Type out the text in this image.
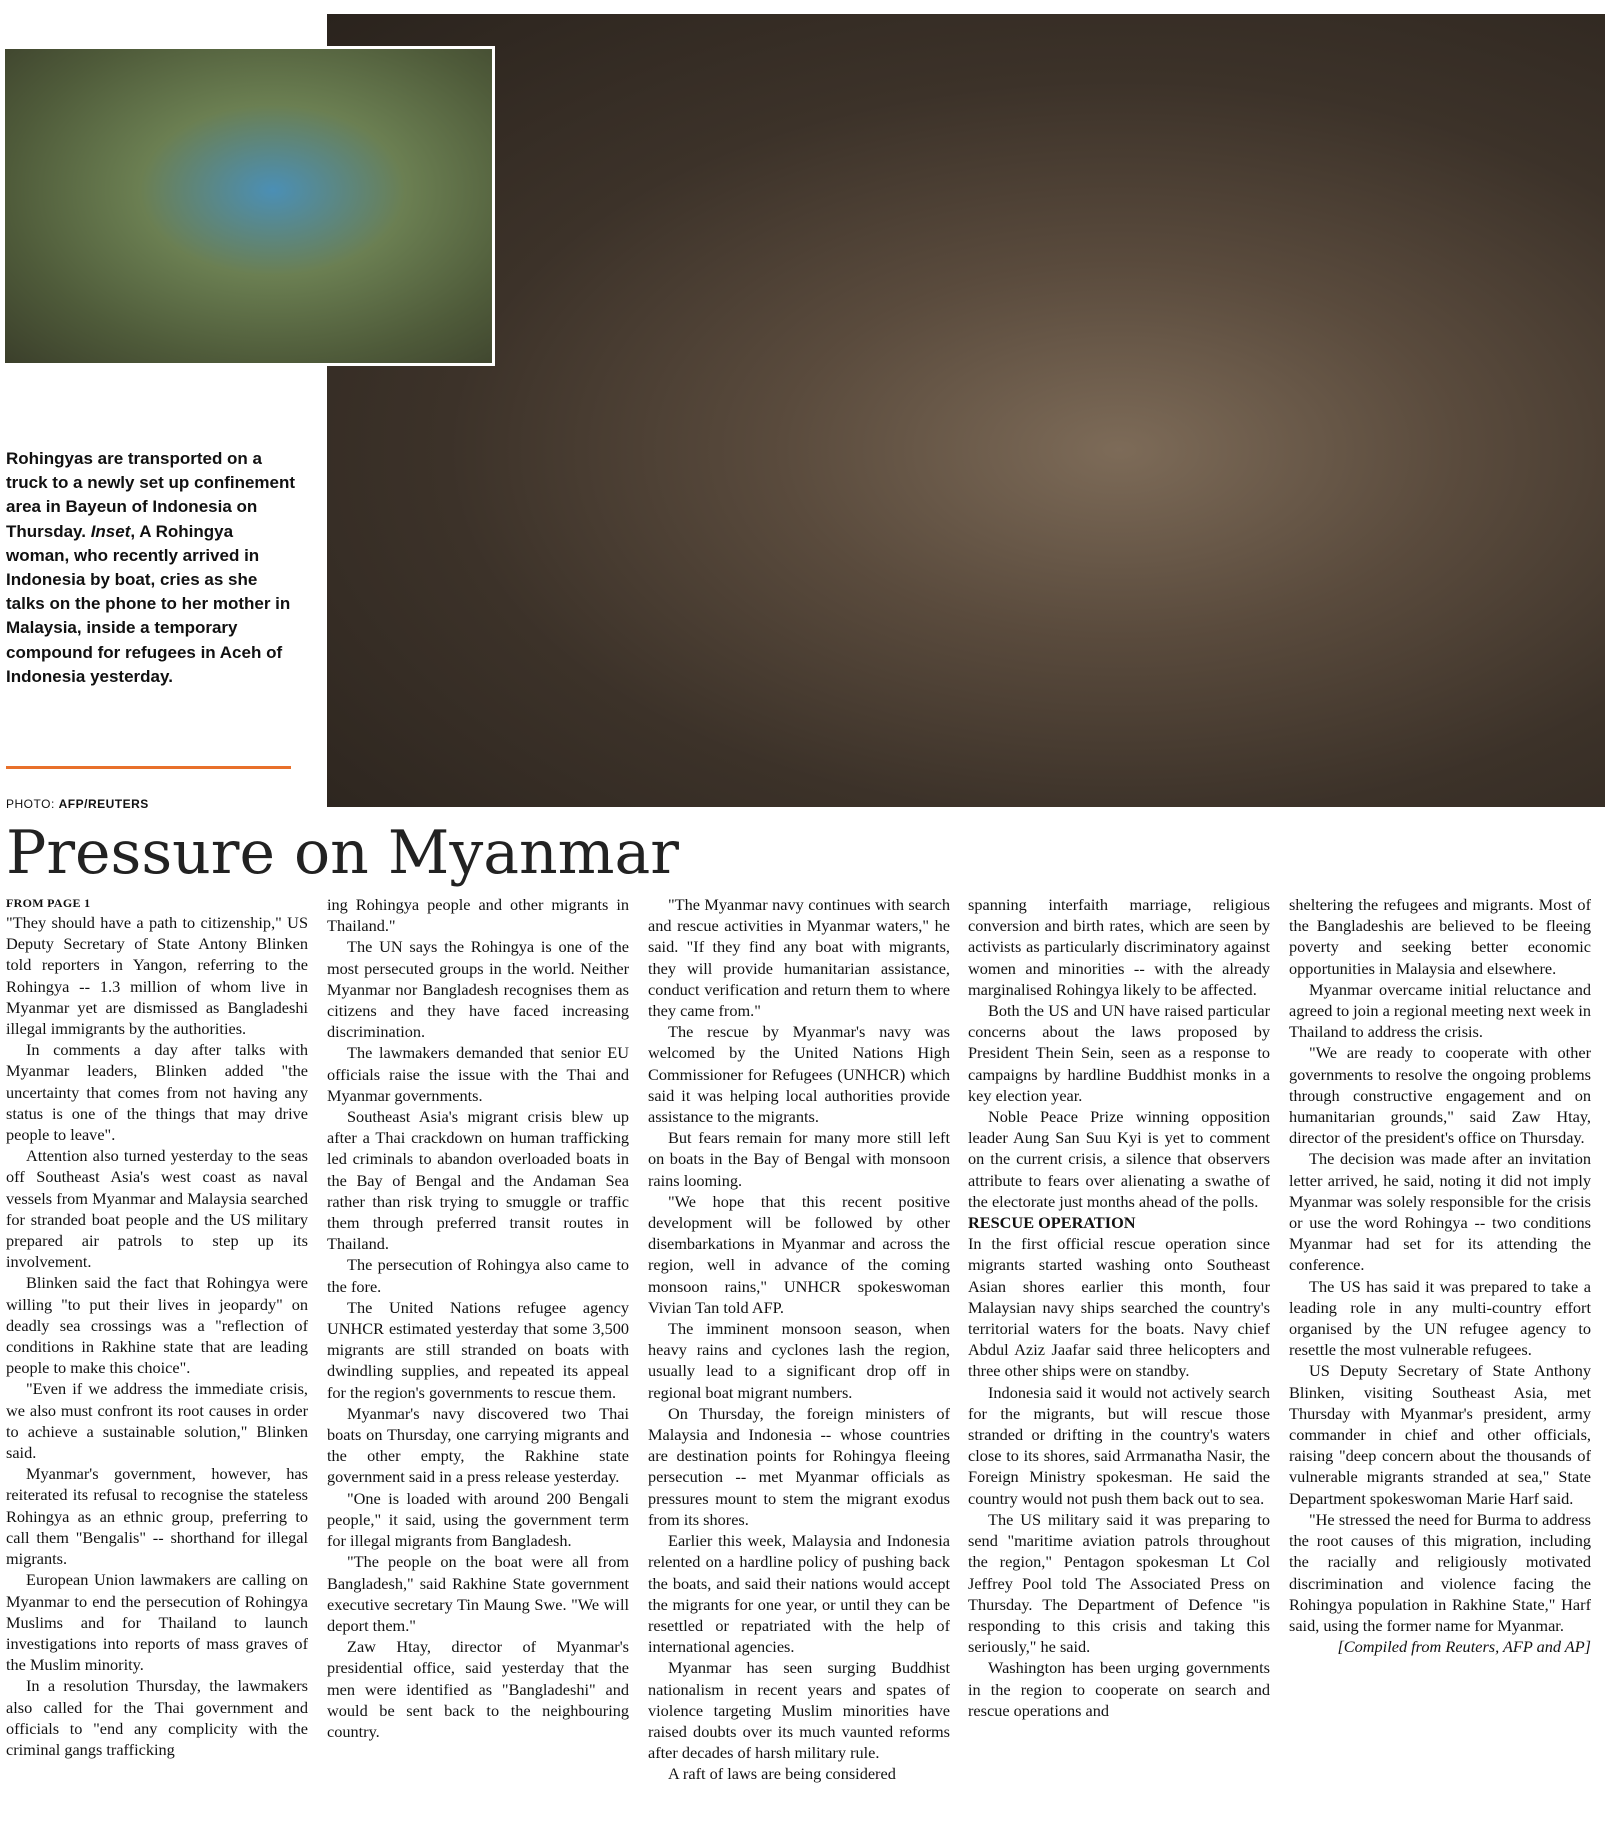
Rohingyas are transported on a truck to a newly set up confinement area in Bayeun of Indonesia on Thursday. Inset, A Rohingya woman, who recently arrived in Indonesia by boat, cries as she talks on the phone to her mother in Malaysia, inside a temporary compound for refugees in Aceh of Indonesia yesterday.
PHOTO: AFP/REUTERS
Pressure on Myanmar

FROM PAGE 1

"They should have a path to citizenship," US Deputy Secretary of State Antony Blinken told reporters in Yangon, referring to the Rohingya -- 1.3 million of whom live in Myanmar yet are dismissed as Bangladeshi illegal immigrants by the authorities.

In comments a day after talks with Myanmar leaders, Blinken added "the uncertainty that comes from not having any status is one of the things that may drive people to leave".

Attention also turned yesterday to the seas off Southeast Asia's west coast as naval vessels from Myanmar and Malaysia searched for stranded boat people and the US military prepared air patrols to step up its involvement.

Blinken said the fact that Rohingya were willing "to put their lives in jeopardy" on deadly sea crossings was a "reflection of conditions in Rakhine state that are leading people to make this choice".

"Even if we address the immediate crisis, we also must confront its root causes in order to achieve a sustainable solution," Blinken said.

Myanmar's government, however, has reiterated its refusal to recognise the stateless Rohingya as an ethnic group, preferring to call them "Bengalis" -- shorthand for illegal migrants.

European Union lawmakers are calling on Myanmar to end the persecution of Rohingya Muslims and for Thailand to launch investigations into reports of mass graves of the Muslim minority.

In a resolution Thursday, the lawmakers also called for the Thai government and officials to "end any complicity with the criminal gangs trafficking

ing Rohingya people and other migrants in Thailand."

The UN says the Rohingya is one of the most persecuted groups in the world. Neither Myanmar nor Bangladesh recognises them as citizens and they have faced increasing discrimination.

The lawmakers demanded that senior EU officials raise the issue with the Thai and Myanmar governments.

Southeast Asia's migrant crisis blew up after a Thai crackdown on human trafficking led criminals to abandon overloaded boats in the Bay of Bengal and the Andaman Sea rather than risk trying to smuggle or traffic them through preferred transit routes in Thailand.

The persecution of Rohingya also came to the fore.

The United Nations refugee agency UNHCR estimated yesterday that some 3,500 migrants are still stranded on boats with dwindling supplies, and repeated its appeal for the region's governments to rescue them.

Myanmar's navy discovered two Thai boats on Thursday, one carrying migrants and the other empty, the Rakhine state government said in a press release yesterday.

"One is loaded with around 200 Bengali people," it said, using the government term for illegal migrants from Bangladesh.

"The people on the boat were all from Bangladesh," said Rakhine State government executive secretary Tin Maung Swe. "We will deport them."

Zaw Htay, director of Myanmar's presidential office, said yesterday that the men were identified as "Bangladeshi" and would be sent back to the neighbouring country.

"The Myanmar navy continues with search and rescue activities in Myanmar waters," he said. "If they find any boat with migrants, they will provide humanitarian assistance, conduct verification and return them to where they came from."

The rescue by Myanmar's navy was welcomed by the United Nations High Commissioner for Refugees (UNHCR) which said it was helping local authorities provide assistance to the migrants.

But fears remain for many more still left on boats in the Bay of Bengal with monsoon rains looming.

"We hope that this recent positive development will be followed by other disembarkations in Myanmar and across the region, well in advance of the coming monsoon rains," UNHCR spokeswoman Vivian Tan told AFP.

The imminent monsoon season, when heavy rains and cyclones lash the region, usually lead to a significant drop off in regional boat migrant numbers.

On Thursday, the foreign ministers of Malaysia and Indonesia -- whose countries are destination points for Rohingya fleeing persecution -- met Myanmar officials as pressures mount to stem the migrant exodus from its shores.

Earlier this week, Malaysia and Indonesia relented on a hardline policy of pushing back the boats, and said their nations would accept the migrants for one year, or until they can be resettled or repatriated with the help of international agencies.

Myanmar has seen surging Buddhist nationalism in recent years and spates of violence targeting Muslim minorities have raised doubts over its much vaunted reforms after decades of harsh military rule.

A raft of laws are being considered

spanning interfaith marriage, religious conversion and birth rates, which are seen by activists as particularly discriminatory against women and minorities -- with the already marginalised Rohingya likely to be affected.

Both the US and UN have raised particular concerns about the laws proposed by President Thein Sein, seen as a response to campaigns by hardline Buddhist monks in a key election year.

Noble Peace Prize winning opposition leader Aung San Suu Kyi is yet to comment on the current crisis, a silence that observers attribute to fears over alienating a swathe of the electorate just months ahead of the polls.

RESCUE OPERATION

In the first official rescue operation since migrants started washing onto Southeast Asian shores earlier this month, four Malaysian navy ships searched the country's territorial waters for the boats. Navy chief Abdul Aziz Jaafar said three helicopters and three other ships were on standby.

Indonesia said it would not actively search for the migrants, but will rescue those stranded or drifting in the country's waters close to its shores, said Arrmanatha Nasir, the Foreign Ministry spokesman. He said the country would not push them back out to sea.

The US military said it was preparing to send "maritime aviation patrols throughout the region," Pentagon spokesman Lt Col Jeffrey Pool told The Associated Press on Thursday. The Department of Defence "is responding to this crisis and taking this seriously," he said.

Washington has been urging governments in the region to cooperate on search and rescue operations and

sheltering the refugees and migrants. Most of the Bangladeshis are believed to be fleeing poverty and seeking better economic opportunities in Malaysia and elsewhere.

Myanmar overcame initial reluctance and agreed to join a regional meeting next week in Thailand to address the crisis.

"We are ready to cooperate with other governments to resolve the ongoing problems through constructive engagement and on humanitarian grounds," said Zaw Htay, director of the president's office on Thursday.

The decision was made after an invitation letter arrived, he said, noting it did not imply Myanmar was solely responsible for the crisis or use the word Rohingya -- two conditions Myanmar had set for its attending the conference.

The US has said it was prepared to take a leading role in any multi-country effort organised by the UN refugee agency to resettle the most vulnerable refugees.

US Deputy Secretary of State Anthony Blinken, visiting Southeast Asia, met Thursday with Myanmar's president, army commander in chief and other officials, raising "deep concern about the thousands of vulnerable migrants stranded at sea," State Department spokeswoman Marie Harf said.

"He stressed the need for Burma to address the root causes of this migration, including the racially and religiously motivated discrimination and violence facing the Rohingya population in Rakhine State," Harf said, using the former name for Myanmar.

[Compiled from Reuters, AFP and AP]
